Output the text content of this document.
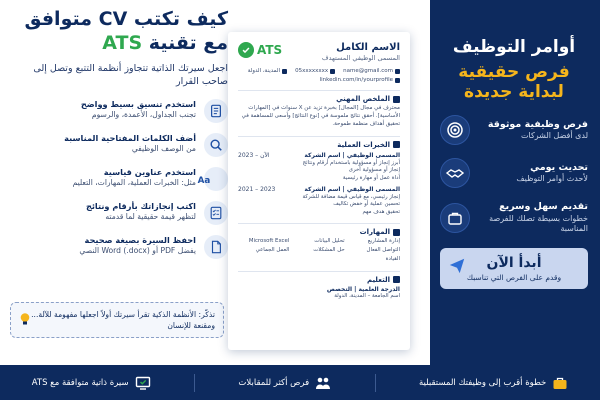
كيف تكتب CV متوافق
مع تقنية ATS
اجعل سيرتك الذاتية تتجاوز أنظمة التتبع وتصل إلى صاحب القرار
استخدم تنسيق بسيط وواضح
تجنب الجداول، الأعمدة، والرسوم
أضف الكلمات المفتاحية المناسبة
من الوصف الوظيفي
Aa
استخدم عناوين قياسية
مثل: الخبرات العملية، المهارات، التعليم
اكتب إنجازاتك بأرقام ونتائج
لتظهر قيمة حقيقية لما قدمته
احفظ السيرة بصيغة صحيحة
يفضل PDF أو Word (.docx) النصي
تذكّر: الأنظمة الذكية تقرأ سيرتك أولاً اجعلها مفهومة للآلة... ومقنعة للإنسان
الاسم الكامل
المسمى الوظيفي المستهدف
ATS
name@gmail.com
05xxxxxxxx
المدينة، الدولة
linkedin.com/in/yourprofile
الملخص المهني

محترف في مجال [المجال] بخبرة تزيد عن X سنوات في [المهارات الأساسية]. أحقق نتائج ملموسة في [نوع النتائج] وأسعى للمساهمة في تحقيق أهداف منظمة طموحة.

الخبرات العملية
المسمى الوظيفي | اسم الشركة
2023 – الآن
أبرز إنجاز أو مسؤولية باستخدام أرقام ونتائج
إنجاز أو مسؤولية أخرى
أداة عمل أو مهارة رئيسية
المسمى الوظيفي | اسم الشركة
2021 – 2023
إنجاز رئيسي، مع قياس قيمة مضافة للشركة
تحسين عملية أو خفض تكاليف
تحقيق هدف مهم
المهارات
إدارة المشاريع
تحليل البيانات
Microsoft Excel
التواصل الفعال
حل المشكلات
العمل الجماعي
القيادة
التعليم
الدرجة العلمية | التخصص
اسم الجامعة – المدينة، الدولة
أوامر التوظيف
فرص حقيقية
لبداية جديدة
فرص وظيفية موثوقة
لدى أفضل الشركات
تحديث يومي
لأحدث أوامر التوظيف
تقديم سهل وسريع
خطوات بسيطة تصلك للفرصة المناسبة
أبدأ الآن
وقدم على الفرص التي تناسبك
خطوة أقرب إلى وظيفتك المستقبلية
فرص أكثر للمقابلات
سيرة ذاتية متوافقة مع ATS
